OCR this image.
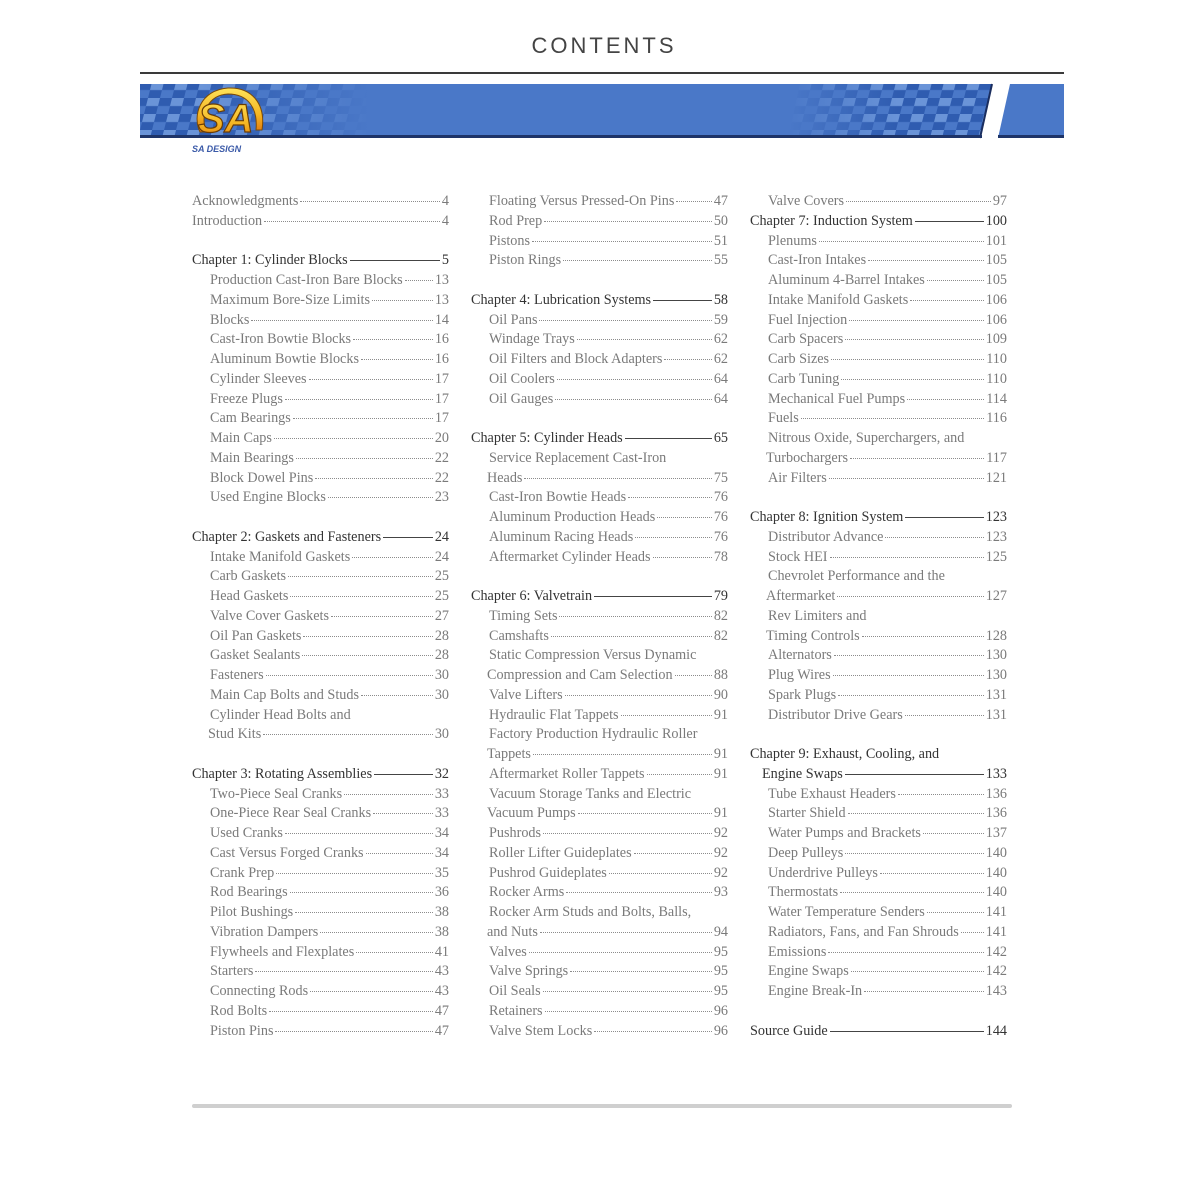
CONTENTS
SA
SA DESIGN
Acknowledgments	4
Introduction	4
Chapter 1: Cylinder Blocks	5
Production Cast-Iron Bare Blocks 13
Maximum Bore-Size Limits	13
Blocks	14
Cast-Iron Bowtie Blocks	16
Aluminum Bowtie Blocks	16
Cylinder Sleeves	17
Freeze Plugs	17
Cam Bearings	17
Main Caps	20
Main Bearings	22
Block Dowel Pins	22
Used Engine Blocks	23
Chapter 2: Gaskets and Fasteners	24
Intake Manifold Gaskets	24
Carb Gaskets	25
Head Gaskets	25
Valve Cover Gaskets	27
Oil Pan Gaskets	28
Gasket Sealants	28
Fasteners	30
Main Cap Bolts and Studs	30
Cylinder Head Bolts and
Stud Kits	30
Chapter 3: Rotating Assemblies	32
Two-Piece Seal Cranks	33
One-Piece Rear Seal Cranks	33
Used Cranks	34
Cast Versus Forged Cranks	34
Crank Prep	35
Rod Bearings	36
Pilot Bushings	38
Vibration Dampers	38
Flywheels and Flexplates	41
Starters	43
Connecting Rods	43
Rod Bolts	47
Piston Pins	47
Floating Versus Pressed-On Pins	47
Rod Prep	50
Pistons	51
Piston Rings	55
Chapter 4: Lubrication Systems	58
Oil Pans	59
Windage Trays	62
Oil Filters and Block Adapters	62
Oil Coolers	64
Oil Gauges	64
Chapter 5: Cylinder Heads	65
Service Replacement Cast-Iron
Heads	75
Cast-Iron Bowtie Heads	76
Aluminum Production Heads	76
Aluminum Racing Heads	76
Aftermarket Cylinder Heads	78
Chapter 6: Valvetrain	79
Timing Sets	82
Camshafts	82
Static Compression Versus Dynamic
Compression and Cam Selection	88
Valve Lifters	90
Hydraulic Flat Tappets	91
Factory Production Hydraulic Roller
Tappets	91
Aftermarket Roller Tappets	91
Vacuum Storage Tanks and Electric
Vacuum Pumps	91
Pushrods	92
Roller Lifter Guideplates	92
Pushrod Guideplates	92
Rocker Arms	93
Rocker Arm Studs and Bolts, Balls,
and Nuts	94
Valves	95
Valve Springs	95
Oil Seals	95
Retainers	96
Valve Stem Locks	96
Valve Covers	97
Chapter 7: Induction System	100
Plenums	101
Cast-Iron Intakes	105
Aluminum 4-Barrel Intakes	105
Intake Manifold Gaskets	106
Fuel Injection	106
Carb Spacers	109
Carb Sizes	110
Carb Tuning	110
Mechanical Fuel Pumps	114
Fuels	116
Nitrous Oxide, Superchargers, and
Turbochargers	117
Air Filters	121
Chapter 8: Ignition System	123
Distributor Advance	123
Stock HEI	125
Chevrolet Performance and the
Aftermarket	127
Rev Limiters and
Timing Controls	128
Alternators	130
Plug Wires	130
Spark Plugs	131
Distributor Drive Gears	131
Chapter 9: Exhaust, Cooling, and
Engine Swaps	133
Tube Exhaust Headers	136
Starter Shield	136
Water Pumps and Brackets	137
Deep Pulleys	140
Underdrive Pulleys	140
Thermostats	140
Water Temperature Senders	141
Radiators, Fans, and Fan Shrouds 141
Emissions	142
Engine Swaps	142
Engine Break-In	143
Source Guide	144
